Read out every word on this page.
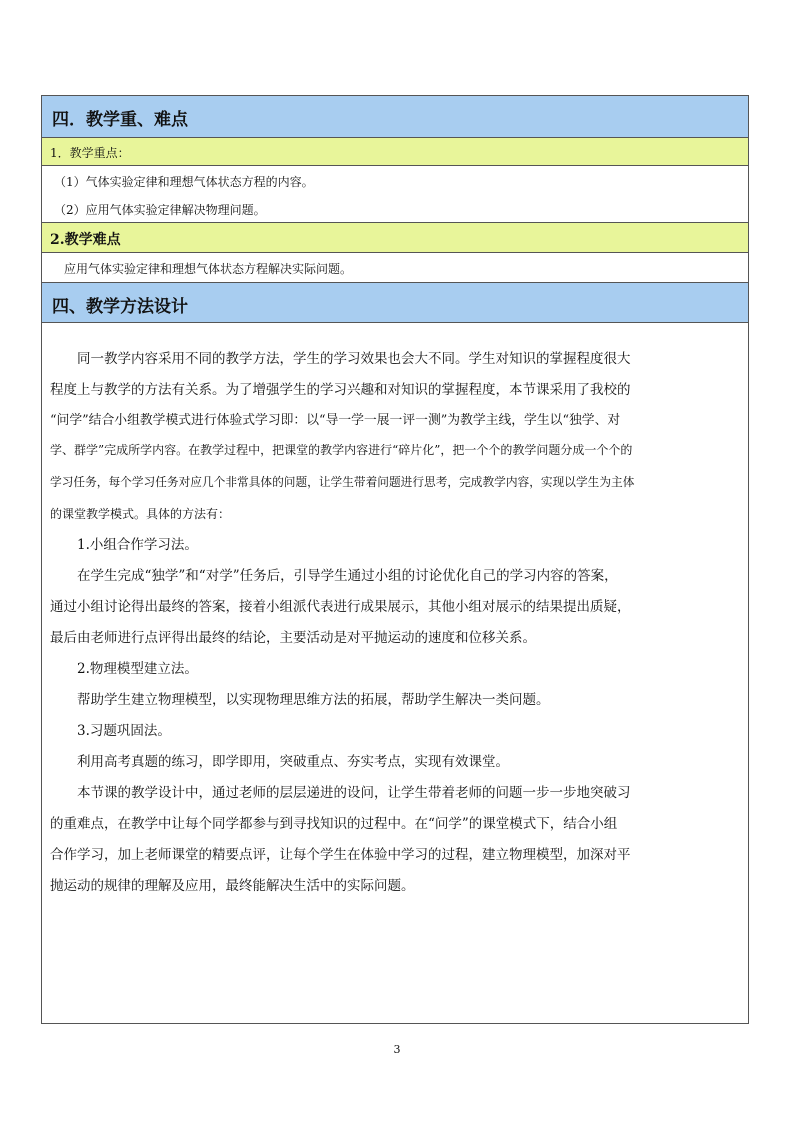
四．教学重、难点
1．教学重点：
（1）气体实验定律和理想气体状态方程的内容。
（2）应用气体实验定律解决物理问题。
2.教学难点
应用气体实验定律和理想气体状态方程解决实际问题。
四、教学方法设计

同一教学内容采用不同的教学方法，学生的学习效果也会大不同。学生对知识的掌握程度很大

程度上与教学的方法有关系。为了增强学生的学习兴趣和对知识的掌握程度，本节课采用了我校的

“问学”结合小组教学模式进行体验式学习即：以“导一学一展一评一测”为教学主线，学生以“独学、对

学、群学”完成所学内容。在教学过程中，把课堂的教学内容进行“碎片化”，把一个个的教学问题分成一个个的

学习任务，每个学习任务对应几个非常具体的问题，让学生带着问题进行思考，完成教学内容，实现以学生为主体

的课堂教学模式。具体的方法有：

1.小组合作学习法。

在学生完成“独学”和“对学”任务后，引导学生通过小组的讨论优化自己的学习内容的答案，

通过小组讨论得出最终的答案，接着小组派代表进行成果展示，其他小组对展示的结果提出质疑，

最后由老师进行点评得出最终的结论，主要活动是对平抛运动的速度和位移关系。

2.物理模型建立法。

帮助学生建立物理模型，以实现物理思维方法的拓展，帮助学生解决一类问题。

3.习题巩固法。

利用高考真题的练习，即学即用，突破重点、夯实考点，实现有效课堂。

本节课的教学设计中，通过老师的层层递进的设问，让学生带着老师的问题一步一步地突破习

的重难点，在教学中让每个同学都参与到寻找知识的过程中。在“问学”的课堂模式下，结合小组

合作学习，加上老师课堂的精要点评，让每个学生在体验中学习的过程，建立物理模型，加深对平

抛运动的规律的理解及应用，最终能解决生活中的实际问题。

3
